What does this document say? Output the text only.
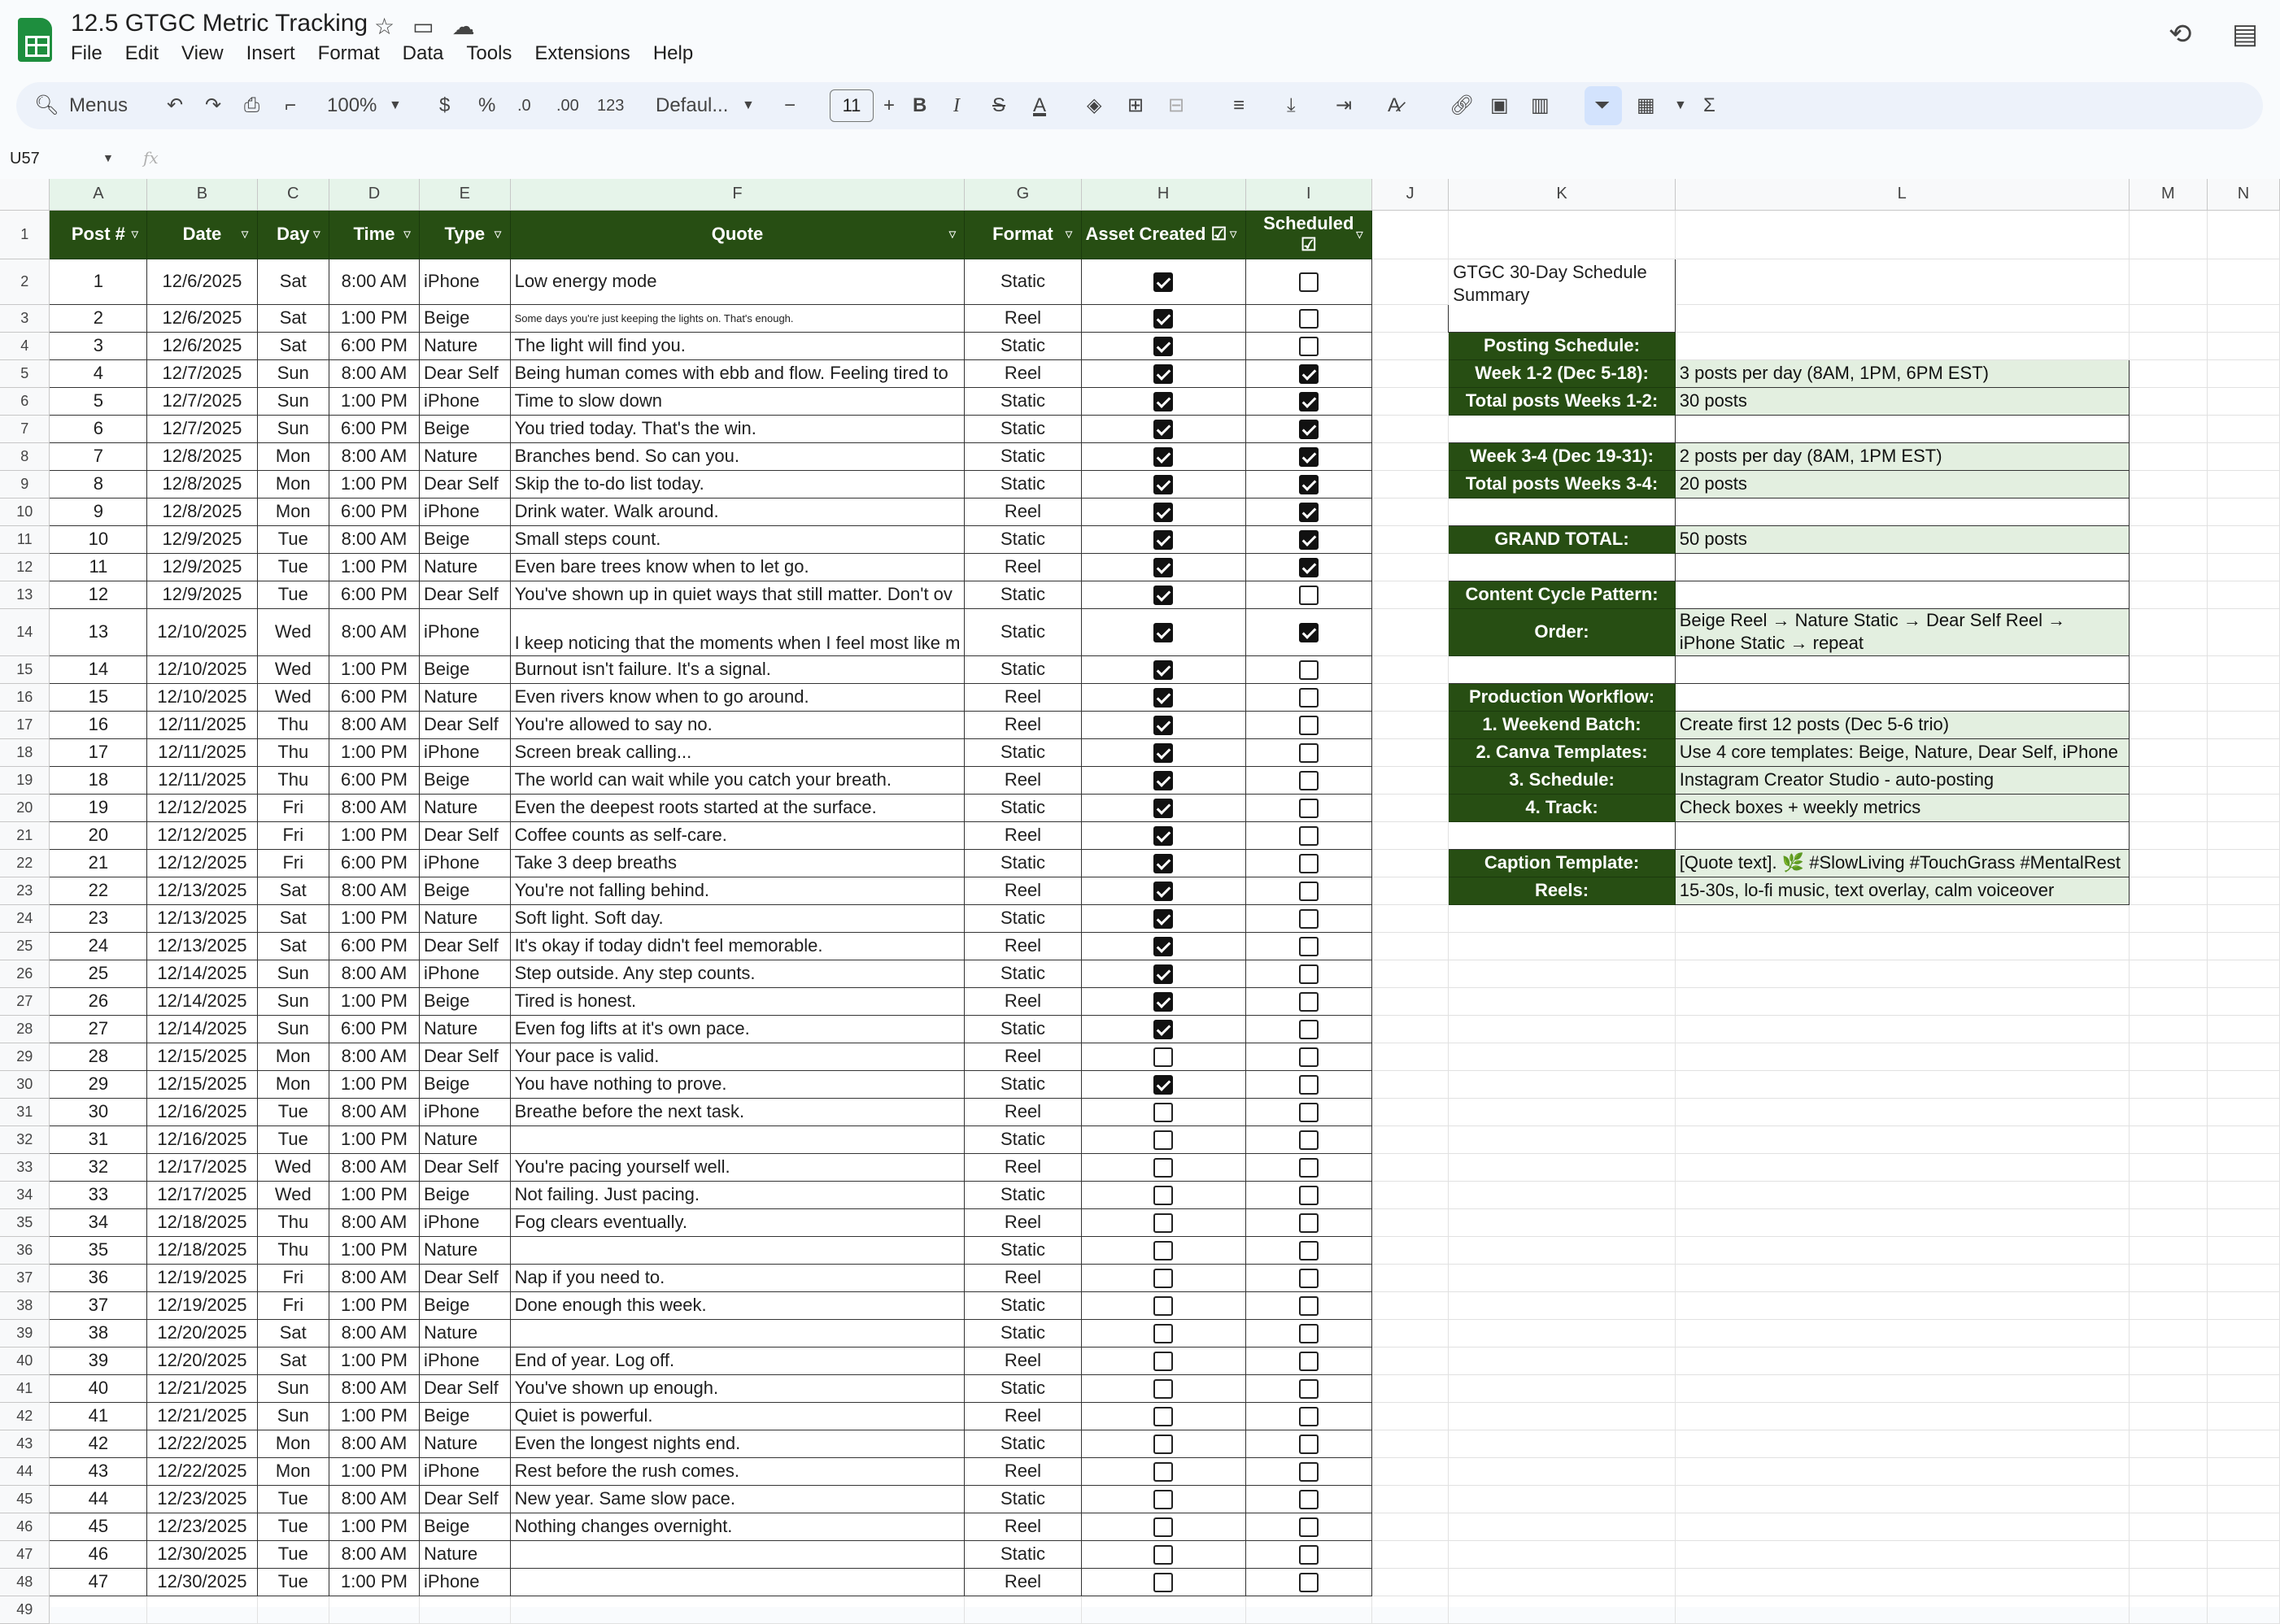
12.5 GTGC Metric Tracking ☆▭☁
File Edit View Insert Format Data Tools Extensions Help
⟲ ▤
🔍︎ Menus ↶ ↷ ⎙ ⌐ 100% ▼ $ % .0 .00 123 Defaul... ▼ −	11	+ B I S A ◈ ⊞ ⊟ ≡ ⤓ ⇥ A̷ 🔗︎ ▣ ▥ ⏷ ▦ ▼ Σ
U57	▼ fx
	A	B	C	D	E	F	G	H	I	J	K	L	M	N
1	Post # ▿	Date ▿	Day ▿	Time ▿	Type ▿	Quote ▿	Format ▿	Asset Created ☑ ▿	Scheduled
☑ ▿					

2	1	12/6/2025	Sat	8:00 AM	iPhone	Low energy mode	Static				GTGC 30-Day Schedule Summary			
3	2	12/6/2025	Sat	1:00 PM	Beige	Some days you're just keeping the lights on. That's enough.	Reel							
4	3	12/6/2025	Sat	6:00 PM	Nature	The light will find you.	Static				Posting Schedule:			
5	4	12/7/2025	Sun	8:00 AM	Dear Self	Being human comes with ebb and flow. Feeling tired to	Reel				Week 1-2 (Dec 5-18):	3 posts per day (8AM, 1PM, 6PM EST)		
6	5	12/7/2025	Sun	1:00 PM	iPhone	Time to slow down	Static				Total posts Weeks 1-2:	30 posts		
7	6	12/7/2025	Sun	6:00 PM	Beige	You tried today. That's the win.	Static							
8	7	12/8/2025	Mon	8:00 AM	Nature	Branches bend. So can you.	Static				Week 3-4 (Dec 19-31):	2 posts per day (8AM, 1PM EST)		
9	8	12/8/2025	Mon	1:00 PM	Dear Self	Skip the to-do list today.	Static				Total posts Weeks 3-4:	20 posts		
10	9	12/8/2025	Mon	6:00 PM	iPhone	Drink water. Walk around.	Reel							
11	10	12/9/2025	Tue	8:00 AM	Beige	Small steps count.	Static				GRAND TOTAL:	50 posts		
12	11	12/9/2025	Tue	1:00 PM	Nature	Even bare trees know when to let go.	Reel							
13	12	12/9/2025	Tue	6:00 PM	Dear Self	You've shown up in quiet ways that still matter. Don't ov	Static				Content Cycle Pattern:			
14	13	12/10/2025	Wed	8:00 AM	iPhone	I keep noticing that the moments when I feel most like m	Static				Order:	Beige Reel → Nature Static → Dear Self Reel → iPhone Static → repeat		
15	14	12/10/2025	Wed	1:00 PM	Beige	Burnout isn't failure. It's a signal.	Static							
16	15	12/10/2025	Wed	6:00 PM	Nature	Even rivers know when to go around.	Reel				Production Workflow:			
17	16	12/11/2025	Thu	8:00 AM	Dear Self	You're allowed to say no.	Reel				1. Weekend Batch:	Create first 12 posts (Dec 5-6 trio)		
18	17	12/11/2025	Thu	1:00 PM	iPhone	Screen break calling...	Static				2. Canva Templates:	Use 4 core templates: Beige, Nature, Dear Self, iPhone		
19	18	12/11/2025	Thu	6:00 PM	Beige	The world can wait while you catch your breath.	Reel				3. Schedule:	Instagram Creator Studio - auto-posting		
20	19	12/12/2025	Fri	8:00 AM	Nature	Even the deepest roots started at the surface.	Static				4. Track:	Check boxes + weekly metrics		
21	20	12/12/2025	Fri	1:00 PM	Dear Self	Coffee counts as self-care.	Reel							
22	21	12/12/2025	Fri	6:00 PM	iPhone	Take 3 deep breaths	Static				Caption Template:	[Quote text]. 🌿 #SlowLiving #TouchGrass #MentalRest		
23	22	12/13/2025	Sat	8:00 AM	Beige	You're not falling behind.	Reel				Reels:	15-30s, lo-fi music, text overlay, calm voiceover		
24	23	12/13/2025	Sat	1:00 PM	Nature	Soft light. Soft day.	Static							
25	24	12/13/2025	Sat	6:00 PM	Dear Self	It's okay if today didn't feel memorable.	Reel							
26	25	12/14/2025	Sun	8:00 AM	iPhone	Step outside. Any step counts.	Static							
27	26	12/14/2025	Sun	1:00 PM	Beige	Tired is honest.	Reel							
28	27	12/14/2025	Sun	6:00 PM	Nature	Even fog lifts at it's own pace.	Static							
29	28	12/15/2025	Mon	8:00 AM	Dear Self	Your pace is valid.	Reel							
30	29	12/15/2025	Mon	1:00 PM	Beige	You have nothing to prove.	Static							
31	30	12/16/2025	Tue	8:00 AM	iPhone	Breathe before the next task.	Reel							
32	31	12/16/2025	Tue	1:00 PM	Nature		Static							
33	32	12/17/2025	Wed	8:00 AM	Dear Self	You're pacing yourself well.	Reel							
34	33	12/17/2025	Wed	1:00 PM	Beige	Not failing. Just pacing.	Static							
35	34	12/18/2025	Thu	8:00 AM	iPhone	Fog clears eventually.	Reel							
36	35	12/18/2025	Thu	1:00 PM	Nature		Static							
37	36	12/19/2025	Fri	8:00 AM	Dear Self	Nap if you need to.	Reel							
38	37	12/19/2025	Fri	1:00 PM	Beige	Done enough this week.	Static							
39	38	12/20/2025	Sat	8:00 AM	Nature		Static							
40	39	12/20/2025	Sat	1:00 PM	iPhone	End of year. Log off.	Reel							
41	40	12/21/2025	Sun	8:00 AM	Dear Self	You've shown up enough.	Static							
42	41	12/21/2025	Sun	1:00 PM	Beige	Quiet is powerful.	Reel							
43	42	12/22/2025	Mon	8:00 AM	Nature	Even the longest nights end.	Static							
44	43	12/22/2025	Mon	1:00 PM	iPhone	Rest before the rush comes.	Reel							
45	44	12/23/2025	Tue	8:00 AM	Dear Self	New year. Same slow pace.	Static							
46	45	12/23/2025	Tue	1:00 PM	Beige	Nothing changes overnight.	Reel							
47	46	12/30/2025	Tue	8:00 AM	Nature		Static							
48	47	12/30/2025	Tue	1:00 PM	iPhone		Reel							
49														
